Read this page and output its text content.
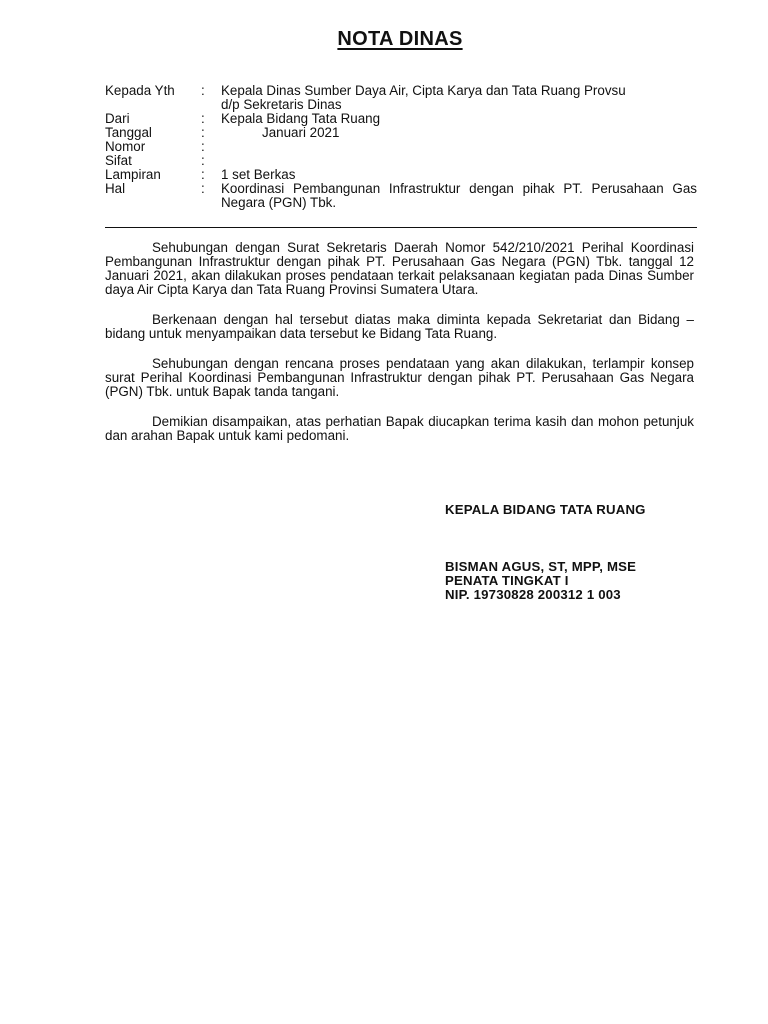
NOTA DINAS
Kepada Yth	:	Kepala Dinas Sumber Daya Air, Cipta Karya dan Tata Ruang Provsu
d/p Sekretaris Dinas
Dari	:	Kepala Bidang Tata Ruang
Tanggal	:	Januari 2021
Nomor	:
Sifat	:
Lampiran	:	1 set Berkas
Hal	:	Koordinasi Pembangunan Infrastruktur dengan pihak PT. Perusahaan Gas Negara (PGN) Tbk.

Sehubungan dengan Surat Sekretaris Daerah Nomor 542/210/2021 Perihal Koordinasi Pembangunan Infrastruktur dengan pihak PT. Perusahaan Gas Negara (PGN) Tbk. tanggal 12 Januari 2021, akan dilakukan proses pendataan terkait pelaksanaan kegiatan pada Dinas Sumber daya Air Cipta Karya dan Tata Ruang Provinsi Sumatera Utara.

Berkenaan dengan hal tersebut diatas maka diminta kepada Sekretariat dan Bidang – bidang untuk menyampaikan data tersebut ke Bidang Tata Ruang.

Sehubungan dengan rencana proses pendataan yang akan dilakukan, terlampir konsep surat Perihal Koordinasi Pembangunan Infrastruktur dengan pihak PT. Perusahaan Gas Negara (PGN) Tbk. untuk Bapak tanda tangani.

Demikian disampaikan, atas perhatian Bapak diucapkan terima kasih dan mohon petunjuk dan arahan Bapak untuk kami pedomani.

KEPALA BIDANG TATA RUANG
BISMAN AGUS, ST, MPP, MSE
PENATA TINGKAT I
NIP. 19730828 200312 1 003
